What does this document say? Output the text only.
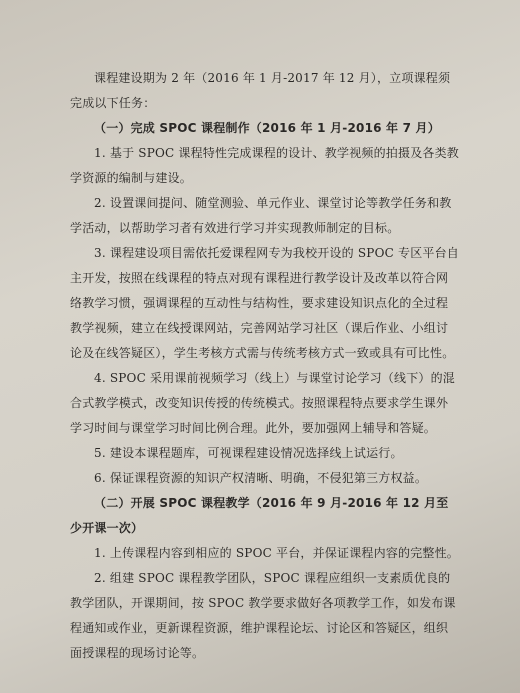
课程建设期为 2 年（2016 年 1 月-2017 年 12 月），立项课程须完成以下任务：

（一）完成 SPOC 课程制作（2016 年 1 月-2016 年 7 月）

1. 基于 SPOC 课程特性完成课程的设计、教学视频的拍摄及各类教学资源的编制与建设。

2. 设置课间提问、随堂测验、单元作业、课堂讨论等教学任务和教学活动，以帮助学习者有效进行学习并实现教师制定的目标。

3. 课程建设项目需依托爱课程网专为我校开设的 SPOC 专区平台自主开发，按照在线课程的特点对现有课程进行教学设计及改革以符合网络教学习惯，强调课程的互动性与结构性，要求建设知识点化的全过程教学视频，建立在线授课网站，完善网站学习社区（课后作业、小组讨论及在线答疑区），学生考核方式需与传统考核方式一致或具有可比性。

4. SPOC 采用课前视频学习（线上）与课堂讨论学习（线下）的混合式教学模式，改变知识传授的传统模式。按照课程特点要求学生课外学习时间与课堂学习时间比例合理。此外，要加强网上辅导和答疑。

5. 建设本课程题库，可视课程建设情况选择线上试运行。

6. 保证课程资源的知识产权清晰、明确，不侵犯第三方权益。

（二）开展 SPOC 课程教学（2016 年 9 月-2016 年 12 月至少开课一次）

1. 上传课程内容到相应的 SPOC 平台，并保证课程内容的完整性。

2. 组建 SPOC 课程教学团队，SPOC 课程应组织一支素质优良的教学团队，开课期间，按 SPOC 教学要求做好各项教学工作，如发布课程通知或作业，更新课程资源，维护课程论坛、讨论区和答疑区，组织面授课程的现场讨论等。
